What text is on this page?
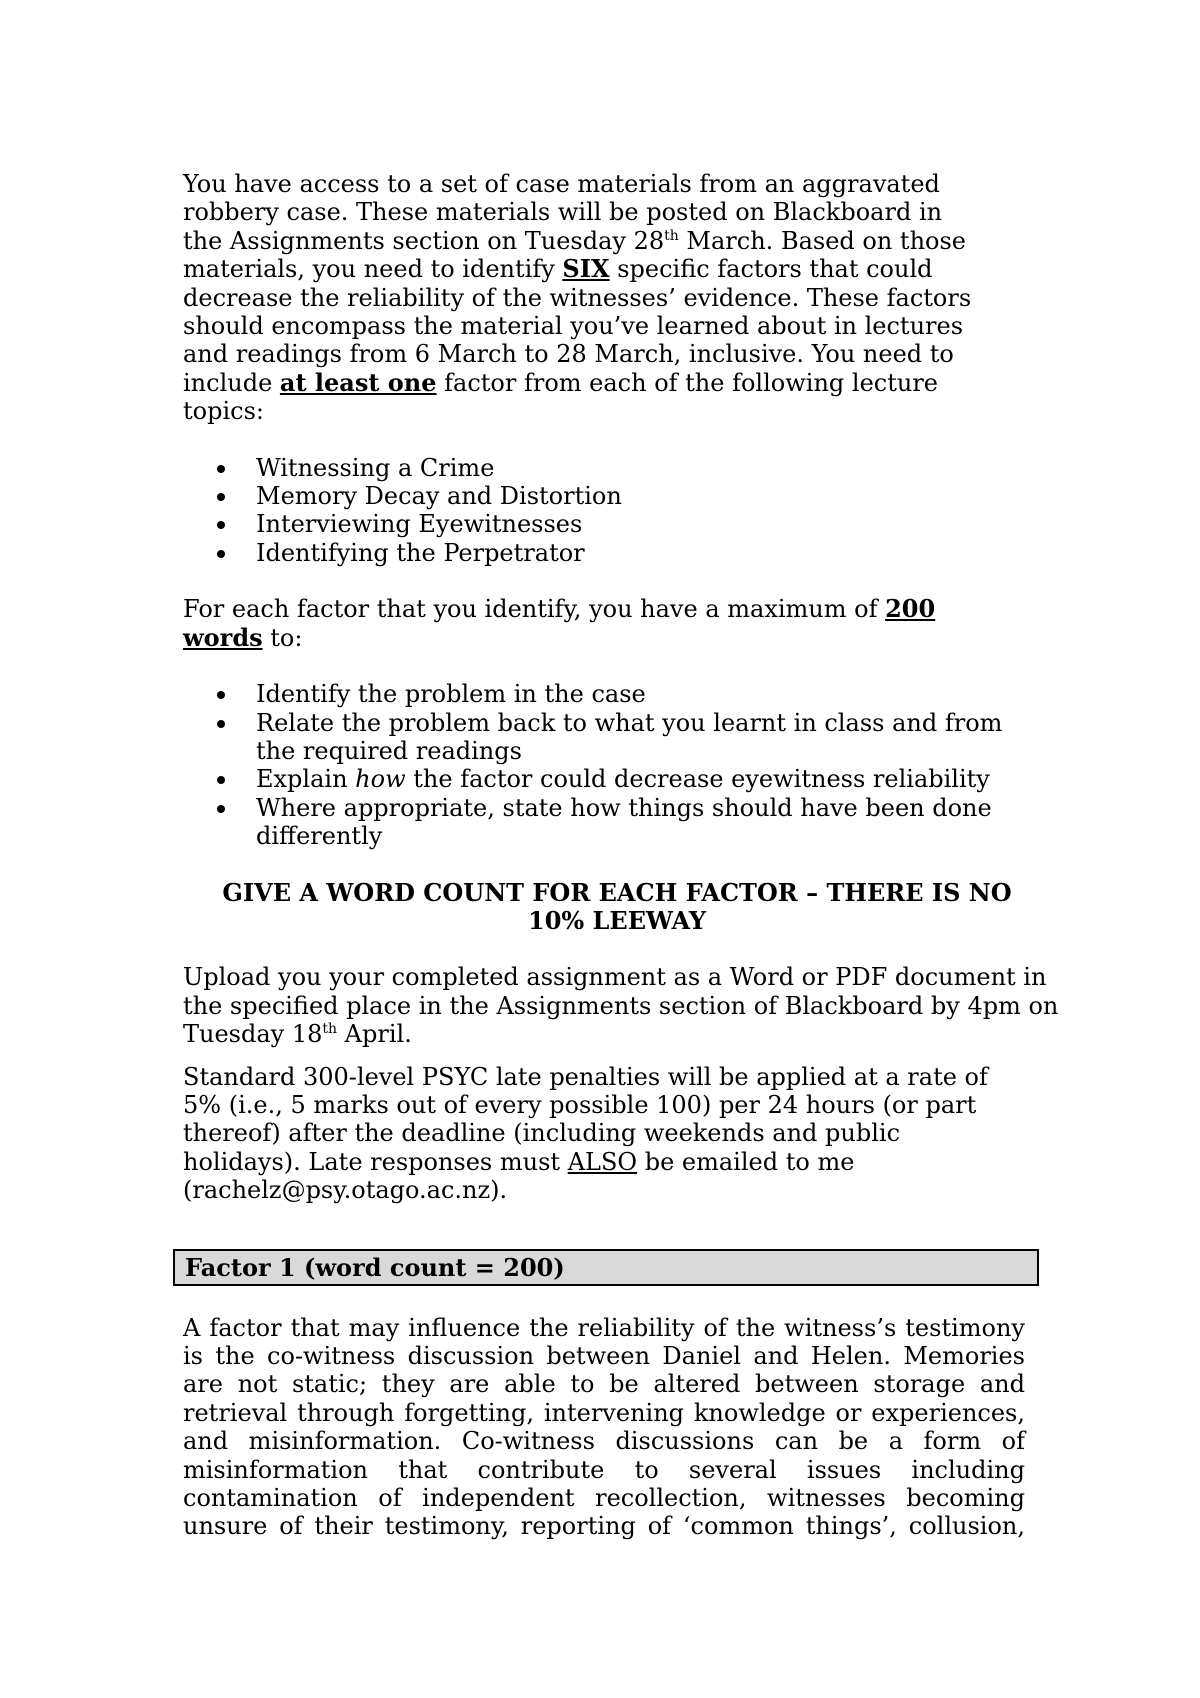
You have access to a set of case materials from an aggravated robbery case. These materials will be posted on Blackboard in the Assignments section on Tuesday 28th March. Based on those materials, you need to identify SIX specific factors that could decrease the reliability of the witnesses’ evidence. These factors should encompass the material you’ve learned about in lectures and readings from 6 March to 28 March, inclusive. You need to include at least one factor from each of the following lecture topics:

Witnessing a Crime
Memory Decay and Distortion
Interviewing Eyewitnesses
Identifying the Perpetrator

For each factor that you identify, you have a maximum of 200 words to:

Identify the problem in the case
Relate the problem back to what you learnt in class and from the required readings
Explain how the factor could decrease eyewitness reliability
Where appropriate, state how things should have been done differently
GIVE A WORD COUNT FOR EACH FACTOR – THERE IS NO
10% LEEWAY

Upload you your completed assignment as a Word or PDF document in the specified place in the Assignments section of Blackboard by 4pm on Tuesday 18th April.

Standard 300-level PSYC late penalties will be applied at a rate of 5% (i.e., 5 marks out of every possible 100) per 24 hours (or part thereof) after the deadline (including weekends and public holidays). Late responses must ALSO be emailed to me (rachelz@psy.otago.ac.nz).

Factor 1 (word count = 200)
A factor that may influence the reliability of the witness’s testimony
is the co-witness discussion between Daniel and Helen. Memories
are not static; they are able to be altered between storage and
retrieval through forgetting, intervening knowledge or experiences,
and misinformation. Co-witness discussions can be a form of
misinformation that contribute to several issues including
contamination of independent recollection, witnesses becoming
unsure of their testimony, reporting of ‘common things’, collusion,
